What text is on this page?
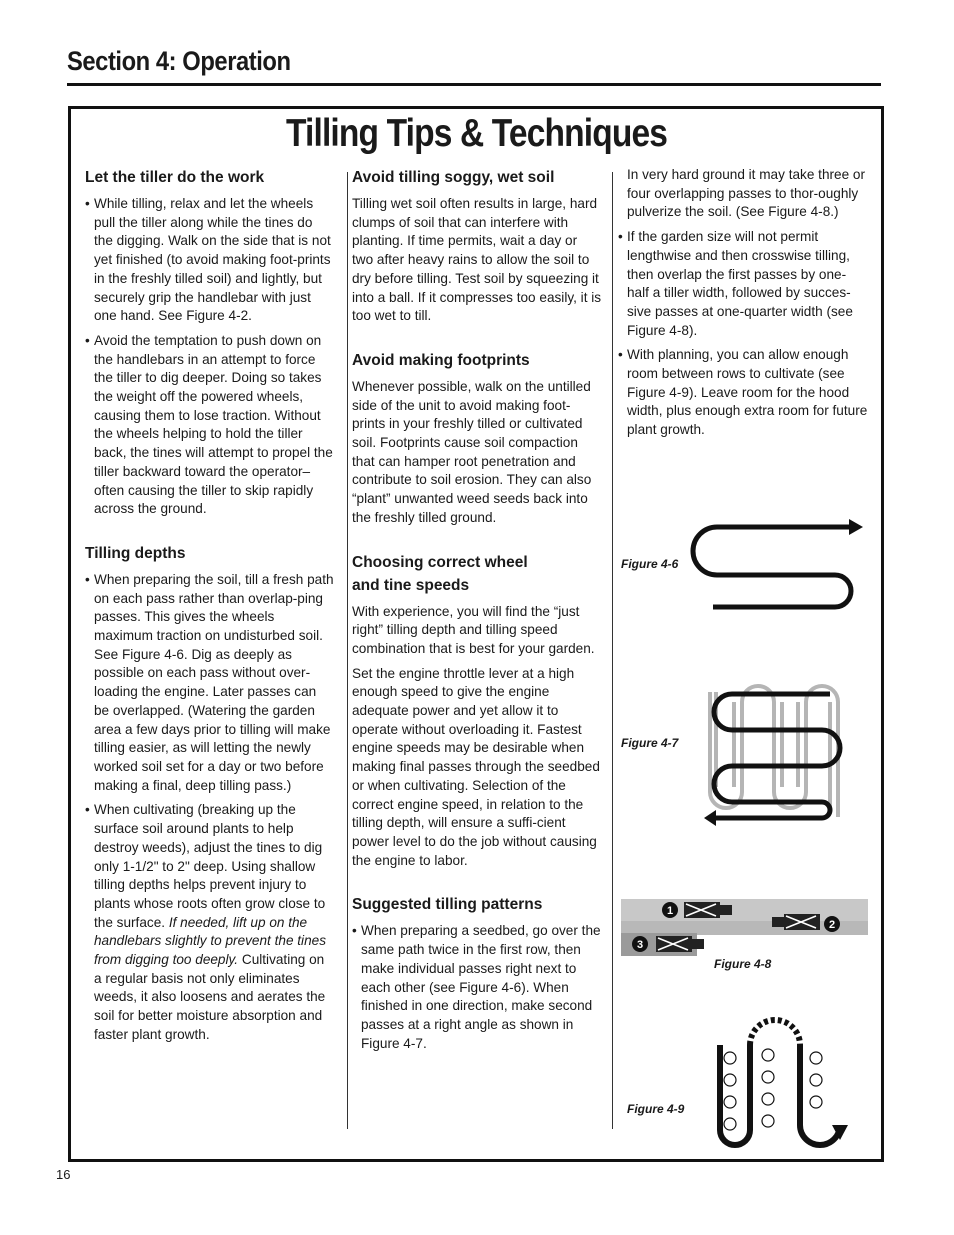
Section 4: Operation
Tilling Tips & Techniques
Let the tiller do the work

• While tilling, relax and let the wheels pull the tiller along while the tines do the digging. Walk on the side that is not yet finished (to avoid making foot-prints in the freshly tilled soil) and lightly, but securely grip the handlebar with just one hand. See Figure 4-2.

• Avoid the temptation to push down on the handlebars in an attempt to force the tiller to dig deeper. Doing so takes the weight off the powered wheels, causing them to lose traction. Without the wheels helping to hold the tiller back, the tines will attempt to propel the tiller backward toward the operator– often causing the tiller to skip rapidly across the ground.

Tilling depths

• When preparing the soil, till a fresh path on each pass rather than overlap-ping passes. This gives the wheels maximum traction on undisturbed soil. See Figure 4-6. Dig as deeply as possible on each pass without over-loading the engine. Later passes can be overlapped. (Watering the garden area a few days prior to tilling will make tilling easier, as will letting the newly worked soil set for a day or two before making a final, deep tilling pass.)

• When cultivating (breaking up the surface soil around plants to help destroy weeds), adjust the tines to dig only 1-1/2" to 2" deep. Using shallow tilling depths helps prevent injury to plants whose roots often grow close to the surface. If needed, lift up on the handlebars slightly to prevent the tines from digging too deeply. Cultivating on a regular basis not only eliminates weeds, it also loosens and aerates the soil for better moisture absorption and faster plant growth.

Avoid tilling soggy, wet soil

Tilling wet soil often results in large, hard clumps of soil that can interfere with planting. If time permits, wait a day or two after heavy rains to allow the soil to dry before tilling. Test soil by squeezing it into a ball. If it compresses too easily, it is too wet to till.

Avoid making footprints

Whenever possible, walk on the untilled side of the unit to avoid making foot-prints in your freshly tilled or cultivated soil. Footprints cause soil compaction that can hamper root penetration and contribute to soil erosion. They can also “plant” unwanted weed seeds back into the freshly tilled ground.

Choosing correct wheel
and tine speeds

With experience, you will find the “just right” tilling depth and tilling speed combination that is best for your garden.

Set the engine throttle lever at a high enough speed to give the engine adequate power and yet allow it to operate without overloading it. Fastest engine speeds may be desirable when making final passes through the seedbed or when cultivating. Selection of the correct engine speed, in relation to the tilling depth, will ensure a suffi-cient power level to do the job without causing the engine to labor.

Suggested tilling patterns

• When preparing a seedbed, go over the same path twice in the first row, then make individual passes right next to each other (see Figure 4-6). When finished in one direction, make second passes at a right angle as shown in Figure 4-7.

In very hard ground it may take three or four overlapping passes to thor-oughly pulverize the soil. (See Figure 4-8.)

• If the garden size will not permit lengthwise and then crosswise tilling, then overlap the first passes by one-half a tiller width, followed by succes-sive passes at one-quarter width (see Figure 4-8).

• With planning, you can allow enough room between rows to cultivate (see Figure 4-9). Leave room for the hood width, plus enough extra room for future plant growth.

Figure 4-6
Figure 4-7
1
2
3
Figure 4-8
Figure 4-9
16
